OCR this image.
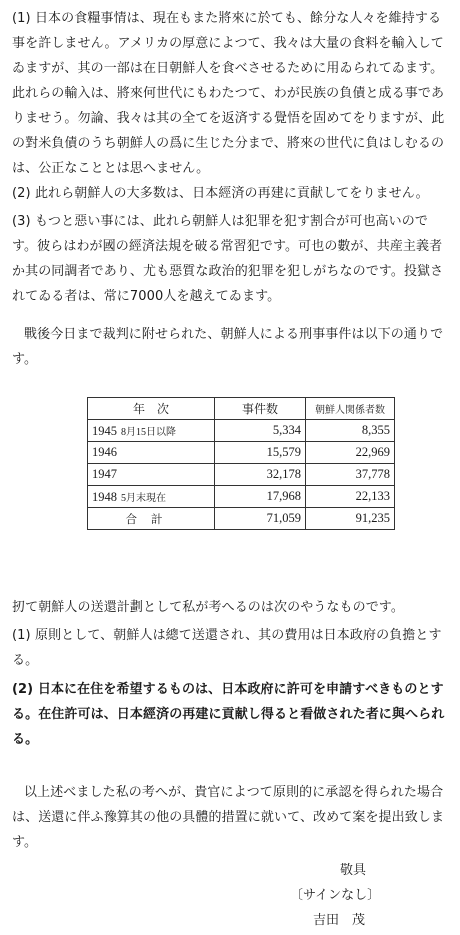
(1) 日本の食糧事情は、現在もまた將來に於ても、餘分な人々を維持する事を許しません。アメリカの厚意によつて、我々は大量の食料を輸入してゐますが、其の一部は在日朝鮮人を食べさせるために用ゐられてゐます。此れらの輸入は、將來何世代にもわたつて、わが民族の負債と成る事でありませう。勿論、我々は其の全てを返済する覺悟を固めてをりますが、此の對米負債のうち朝鮮人の爲に生じた分まで、將來の世代に負はしむるのは、公正なこととは思へません。

(2) 此れら朝鮮人の大多数は、日本經済の再建に貢献してをりません。

(3) もつと惡い事には、此れら朝鮮人は犯罪を犯す割合が可也高いのです。彼らはわが國の經済法規を破る常習犯です。可也の數が、共産主義者か其の同調者であり、尤も惡質な政治的犯罪を犯しがちなのです。投獄されてゐる者は、常に7000人を越えてゐます。

戰後今日まで裁判に附せられた、朝鮮人による刑事事件は以下の通りです。

年　次	事件数	朝鮮人関係者数
1945 8月15日以降	5,334	8,355
1946	15,579	22,969
1947	32,178	37,778
1948 5月末現在	17,968	22,133
合計	71,059	91,235

扨て朝鮮人の送還計劃として私が考へるのは次のやうなものです。

(1) 原則として、朝鮮人は總て送還され、其の費用は日本政府の負擔とする。

(2) 日本に在住を希望するものは、日本政府に許可を申請すべきものとする。在住許可は、日本經済の再建に貢献し得ると看做された者に與へられる。

以上述べました私の考へが、貴官によつて原則的に承認を得られた場合は、送還に伴ふ豫算其の他の具體的措置に就いて、改めて案を提出致します。

敬具
〔サインなし〕
吉田　茂
